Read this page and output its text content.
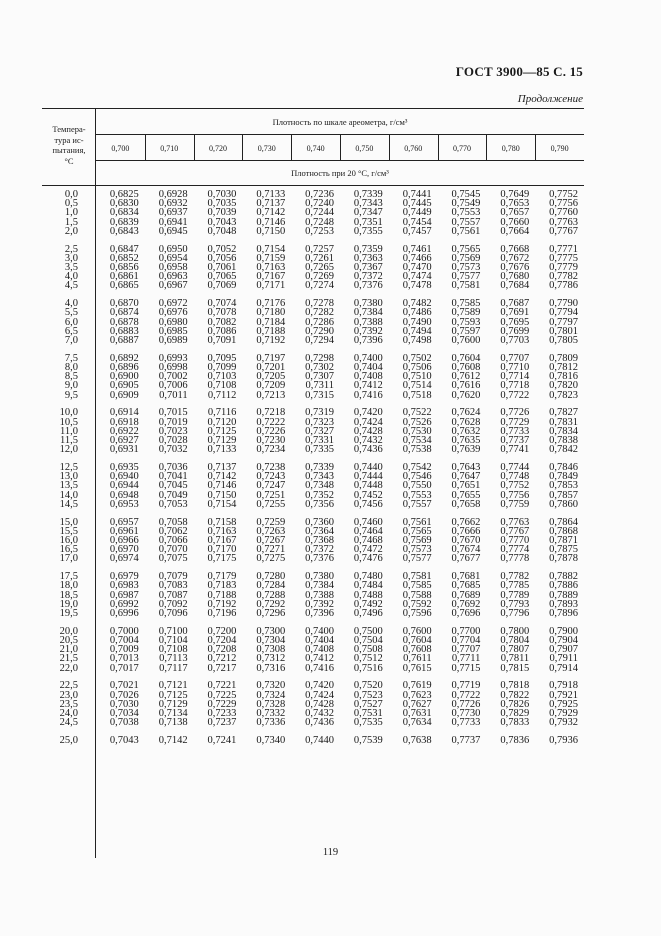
ГОСТ 3900—85 С. 15
Продолжение
Темпера-
тура ис-
пытания,
°C
Плотность по шкале ареометра, г/см³
Плотность при 20 °С, г/см³
0,700	0,710	0,720	0,730	0,740	0,750	0,760	0,770	0,780	0,790
0,0	0,6825	0,6928	0,7030	0,7133	0,7236	0,7339	0,7441	0,7545	0,7649	0,7752
0,5	0,6830	0,6932	0,7035	0,7137	0,7240	0,7343	0,7445	0,7549	0,7653	0,7756
1,0	0,6834	0,6937	0,7039	0,7142	0,7244	0,7347	0,7449	0,7553	0,7657	0,7760
1,5	0,6839	0,6941	0,7043	0,7146	0,7248	0,7351	0,7454	0,7557	0,7660	0,7763
2,0	0,6843	0,6945	0,7048	0,7150	0,7253	0,7355	0,7457	0,7561	0,7664	0,7767
2,5	0,6847	0,6950	0,7052	0,7154	0,7257	0,7359	0,7461	0,7565	0,7668	0,7771
3,0	0,6852	0,6954	0,7056	0,7159	0,7261	0,7363	0,7466	0,7569	0,7672	0,7775
3,5	0,6856	0,6958	0,7061	0,7163	0,7265	0,7367	0,7470	0,7573	0,7676	0,7779
4,0	0,6861	0,6963	0,7065	0,7167	0,7269	0,7372	0,7474	0,7577	0,7680	0,7782
4,5	0,6865	0,6967	0,7069	0,7171	0,7274	0,7376	0,7478	0,7581	0,7684	0,7786
4,0	0,6870	0,6972	0,7074	0,7176	0,7278	0,7380	0,7482	0,7585	0,7687	0,7790
5,5	0,6874	0,6976	0,7078	0,7180	0,7282	0,7384	0,7486	0,7589	0,7691	0,7794
6,0	0,6878	0,6980	0,7082	0,7184	0,7286	0,7388	0,7490	0,7593	0,7695	0,7797
6,5	0,6883	0,6985	0,7086	0,7188	0,7290	0,7392	0,7494	0,7597	0,7699	0,7801
7,0	0,6887	0,6989	0,7091	0,7192	0,7294	0,7396	0,7498	0,7600	0,7703	0,7805
7,5	0,6892	0,6993	0,7095	0,7197	0,7298	0,7400	0,7502	0,7604	0,7707	0,7809
8,0	0,6896	0,6998	0,7099	0,7201	0,7302	0,7404	0,7506	0,7608	0,7710	0,7812
8,5	0,6900	0,7002	0,7103	0,7205	0,7307	0,7408	0,7510	0,7612	0,7714	0,7816
9,0	0,6905	0,7006	0,7108	0,7209	0,7311	0,7412	0,7514	0,7616	0,7718	0,7820
9,5	0,6909	0,7011	0,7112	0,7213	0,7315	0,7416	0,7518	0,7620	0,7722	0,7823
10,0	0,6914	0,7015	0,7116	0,7218	0,7319	0,7420	0,7522	0,7624	0,7726	0,7827
10,5	0,6918	0,7019	0,7120	0,7222	0,7323	0,7424	0,7526	0,7628	0,7729	0,7831
11,0	0,6922	0,7023	0,7125	0,7226	0,7327	0,7428	0,7530	0,7632	0,7733	0,7834
11,5	0,6927	0,7028	0,7129	0,7230	0,7331	0,7432	0,7534	0,7635	0,7737	0,7838
12,0	0,6931	0,7032	0,7133	0,7234	0,7335	0,7436	0,7538	0,7639	0,7741	0,7842
12,5	0,6935	0,7036	0,7137	0,7238	0,7339	0,7440	0,7542	0,7643	0,7744	0,7846
13,0	0,6940	0,7041	0,7142	0,7243	0,7343	0,7444	0,7546	0,7647	0,7748	0,7849
13,5	0,6944	0,7045	0,7146	0,7247	0,7348	0,7448	0,7550	0,7651	0,7752	0,7853
14,0	0,6948	0,7049	0,7150	0,7251	0,7352	0,7452	0,7553	0,7655	0,7756	0,7857
14,5	0,6953	0,7053	0,7154	0,7255	0,7356	0,7456	0,7557	0,7658	0,7759	0,7860
15,0	0,6957	0,7058	0,7158	0,7259	0,7360	0,7460	0,7561	0,7662	0,7763	0,7864
15,5	0,6961	0,7062	0,7163	0,7263	0,7364	0,7464	0,7565	0,7666	0,7767	0,7868
16,0	0,6966	0,7066	0,7167	0,7267	0,7368	0,7468	0,7569	0,7670	0,7770	0,7871
16,5	0,6970	0,7070	0,7170	0,7271	0,7372	0,7472	0,7573	0,7674	0,7774	0,7875
17,0	0,6974	0,7075	0,7175	0,7275	0,7376	0,7476	0,7577	0,7677	0,7778	0,7878
17,5	0,6979	0,7079	0,7179	0,7280	0,7380	0,7480	0,7581	0,7681	0,7782	0,7882
18,0	0,6983	0,7083	0,7183	0,7284	0,7384	0,7484	0,7585	0,7685	0,7785	0,7886
18,5	0,6987	0,7087	0,7188	0,7288	0,7388	0,7488	0,7588	0,7689	0,7789	0,7889
19,0	0,6992	0,7092	0,7192	0,7292	0,7392	0,7492	0,7592	0,7692	0,7793	0,7893
19,5	0,6996	0,7096	0,7196	0,7296	0,7396	0,7496	0,7596	0,7696	0,7796	0,7896
20,0	0,7000	0,7100	0,7200	0,7300	0,7400	0,7500	0,7600	0,7700	0,7800	0,7900
20,5	0,7004	0,7104	0,7204	0,7304	0,7404	0,7504	0,7604	0,7704	0,7804	0,7904
21,0	0,7009	0,7108	0,7208	0,7308	0,7408	0,7508	0,7608	0,7707	0,7807	0,7907
21,5	0,7013	0,7113	0,7212	0,7312	0,7412	0,7512	0,7611	0,7711	0,7811	0,7911
22,0	0,7017	0,7117	0,7217	0,7316	0,7416	0,7516	0,7615	0,7715	0,7815	0,7914
22,5	0,7021	0,7121	0,7221	0,7320	0,7420	0,7520	0,7619	0,7719	0,7818	0,7918
23,0	0,7026	0,7125	0,7225	0,7324	0,7424	0,7523	0,7623	0,7722	0,7822	0,7921
23,5	0,7030	0,7129	0,7229	0,7328	0,7428	0,7527	0,7627	0,7726	0,7826	0,7925
24,0	0,7034	0,7134	0,7233	0,7332	0,7432	0,7531	0,7631	0,7730	0,7829	0,7929
24,5	0,7038	0,7138	0,7237	0,7336	0,7436	0,7535	0,7634	0,7733	0,7833	0,7932
25,0	0,7043	0,7142	0,7241	0,7340	0,7440	0,7539	0,7638	0,7737	0,7836	0,7936
119
